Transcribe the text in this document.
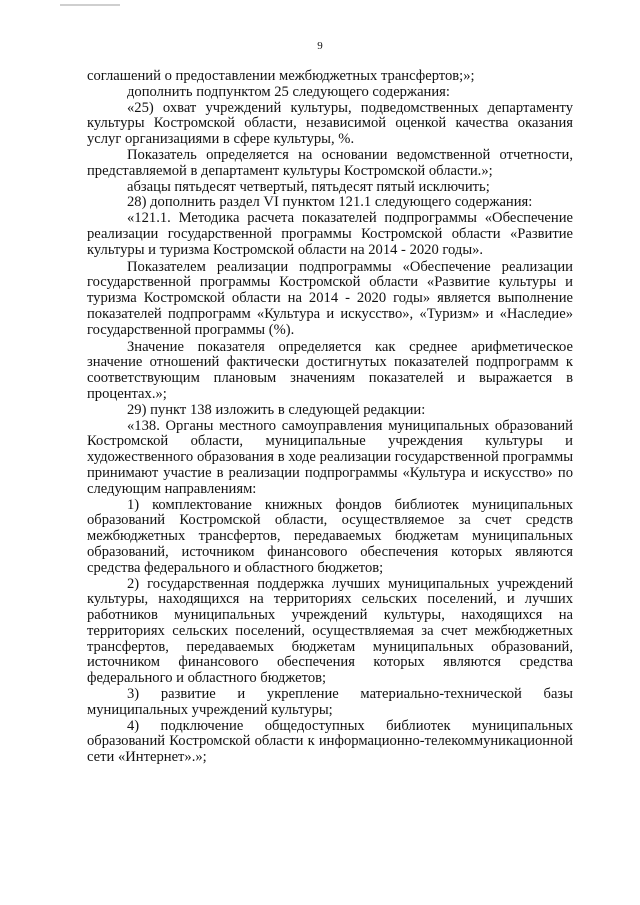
9

соглашений о предоставлении межбюджетных трансфертов;»;

дополнить подпунктом 25 следующего содержания:

«25) охват учреждений культуры, подведомственных департаменту культуры Костромской области, независимой оценкой качества оказания услуг организациями в сфере культуры, %.

Показатель определяется на основании ведомственной отчетности, представляемой в департамент культуры Костромской области.»;

абзацы пятьдесят четвертый, пятьдесят пятый исключить;

28) дополнить раздел VI пунктом 121.1 следующего содержания:

«121.1. Методика расчета показателей подпрограммы «Обеспечение реализации государственной программы Костромской области «Развитие культуры и туризма Костромской области на 2014 - 2020 годы».

Показателем реализации подпрограммы «Обеспечение реализации государственной программы Костромской области «Развитие культуры и туризма Костромской области на 2014 - 2020 годы» является выполнение показателей подпрограмм «Культура и искусство», «Туризм» и «Наследие» государственной программы (%).

Значение показателя определяется как среднее арифметическое значение отношений фактически достигнутых показателей подпрограмм к соответствующим плановым значениям показателей и выражается в процентах.»;

29) пункт 138 изложить в следующей редакции:

«138. Органы местного самоуправления муниципальных образований Костромской области, муниципальные учреждения культуры и художественного образования в ходе реализации государственной программы принимают участие в реализации подпрограммы «Культура и искусство» по следующим направлениям:

1) комплектование книжных фондов библиотек муниципальных образований Костромской области, осуществляемое за счет средств межбюджетных трансфертов, передаваемых бюджетам муниципальных образований, источником финансового обеспечения которых являются средства федерального и областного бюджетов;

2) государственная поддержка лучших муниципальных учреждений культуры, находящихся на территориях сельских поселений, и лучших работников муниципальных учреждений культуры, находящихся на территориях сельских поселений, осуществляемая за счет межбюджетных трансфертов, передаваемых бюджетам муниципальных образований, источником финансового обеспечения которых являются средства федерального и областного бюджетов;

3) развитие и укрепление материально-технической базы муниципальных учреждений культуры;

4) подключение общедоступных библиотек муниципальных образований Костромской области к информационно-телекоммуникационной сети «Интернет».»;
